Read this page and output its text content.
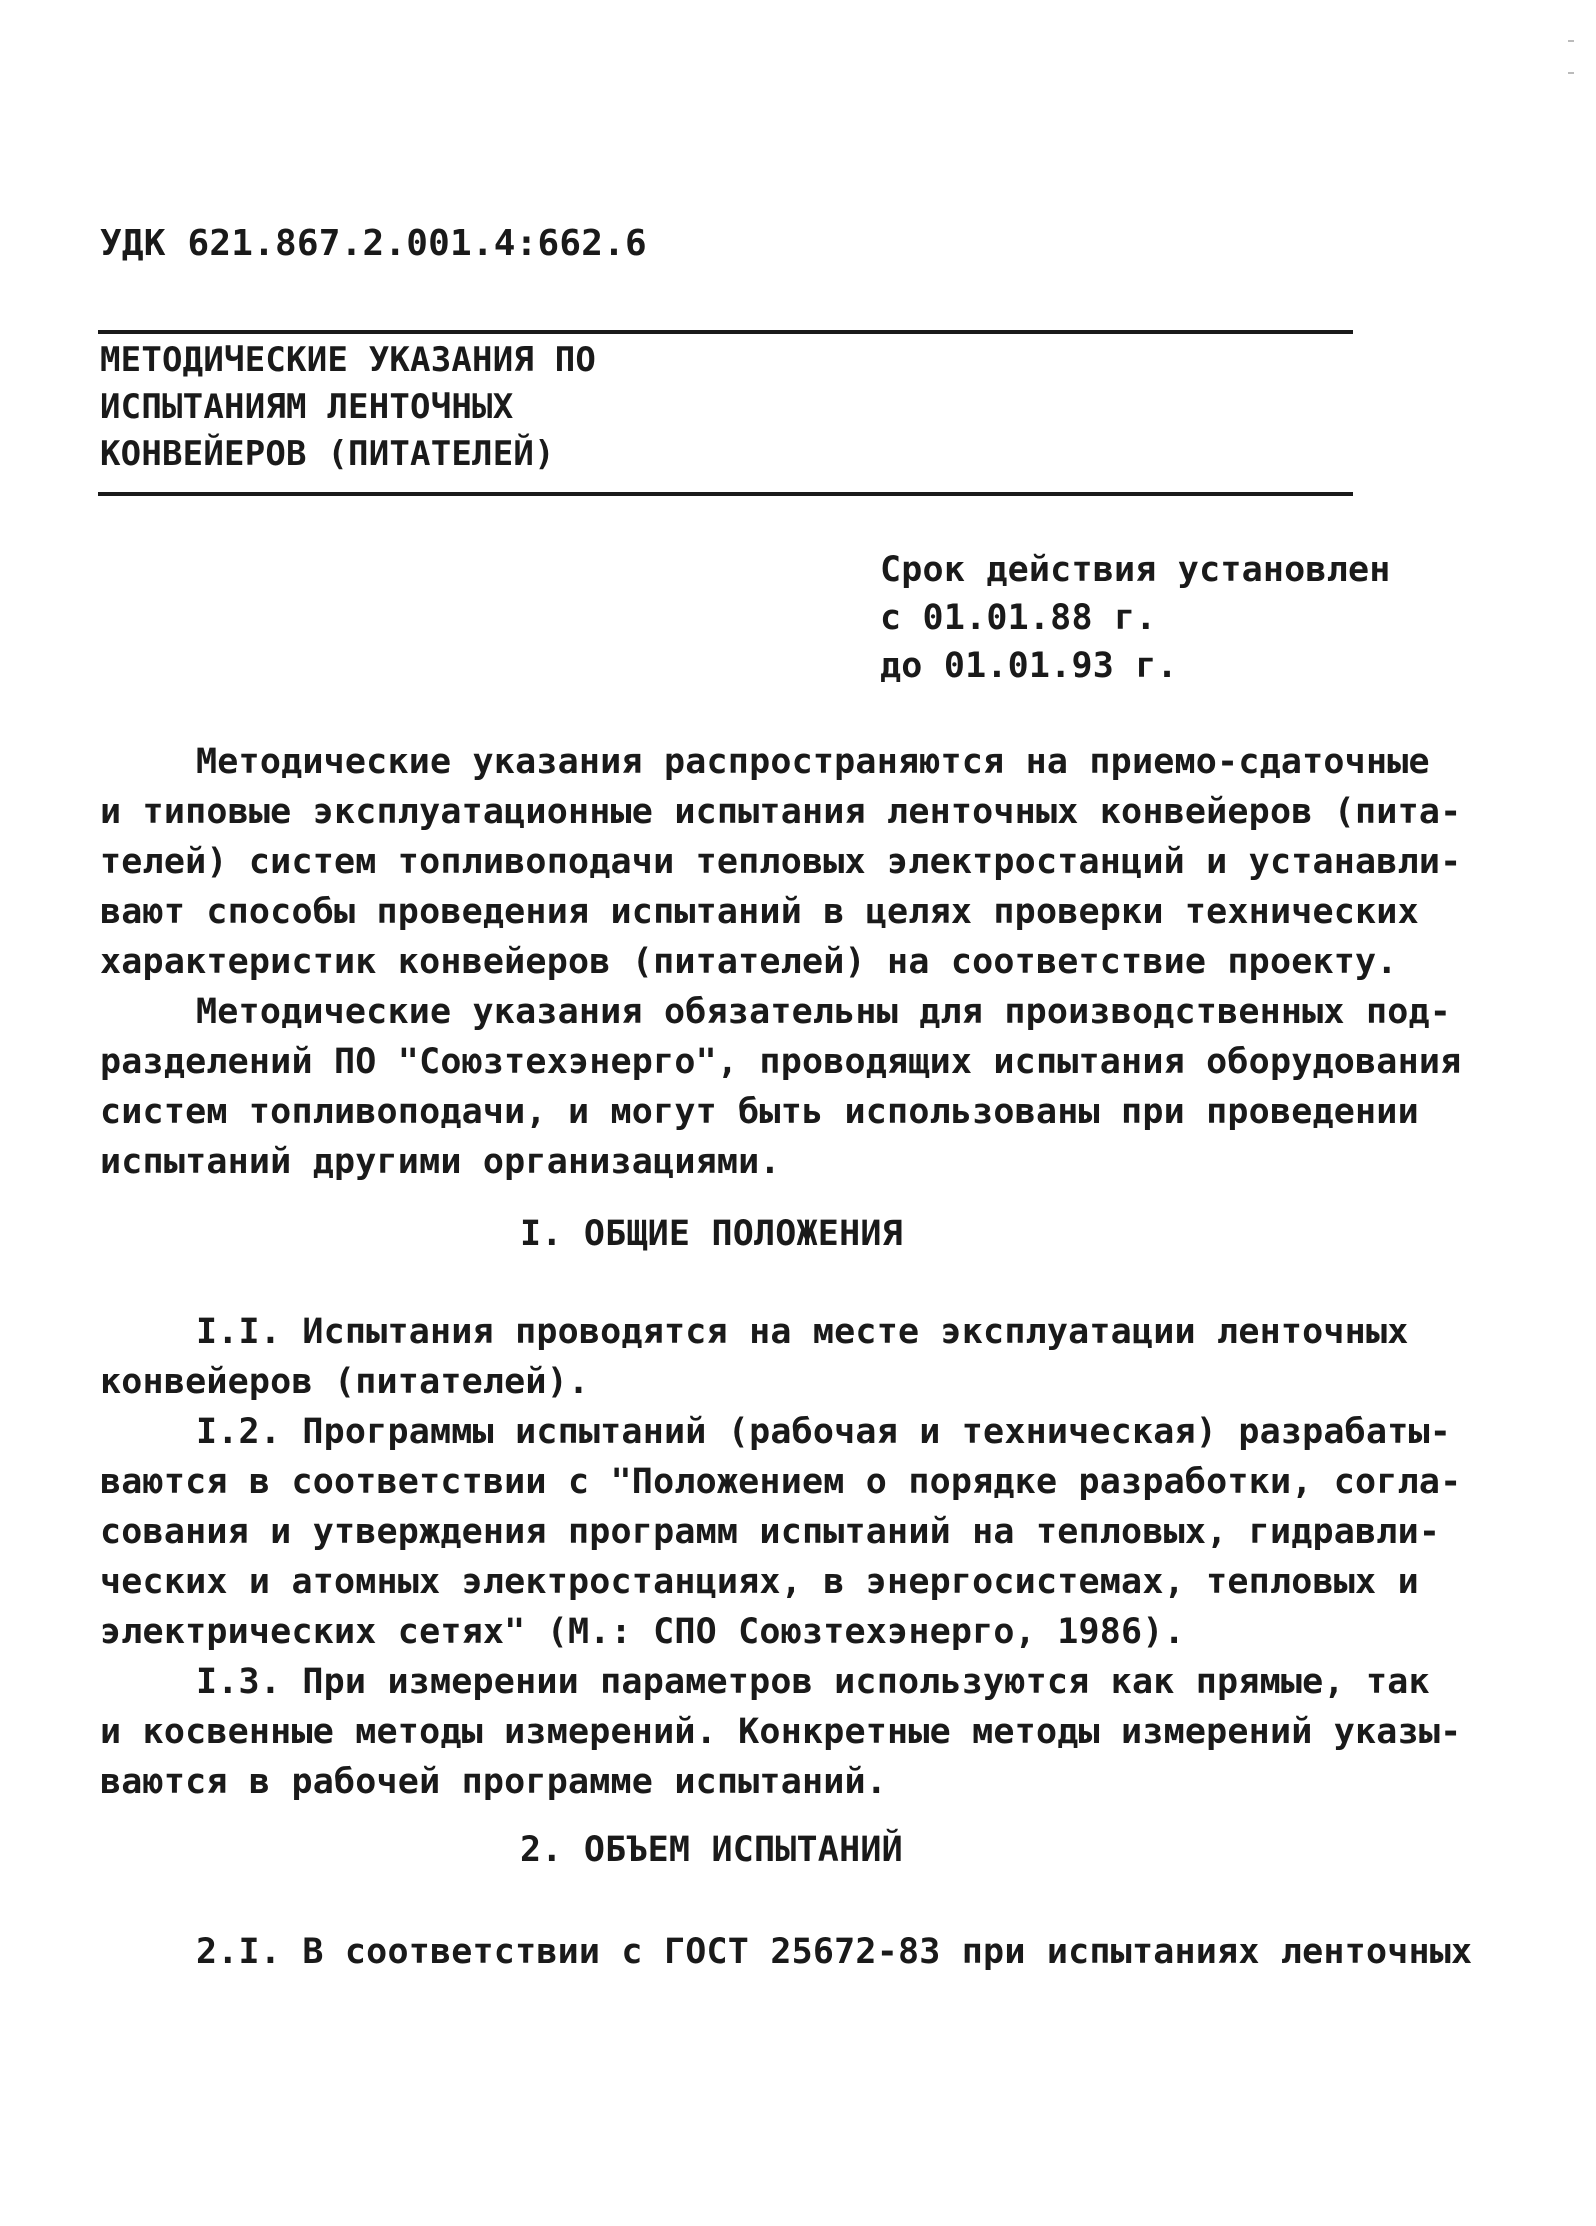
УДК 621.867.2.001.4:662.6
МЕТОДИЧЕСКИЕ УКАЗАНИЯ ПО
ИСПЫТАНИЯМ ЛЕНТОЧНЫХ
КОНВЕЙЕРОВ (ПИТАТЕЛЕЙ)
Срок действия установлен
с 01.01.88 г.
до 01.01.93 г.
Методические указания распространяются на приемо-сдаточные
и типовые эксплуатационные испытания ленточных конвейеров (пита-
телей) систем топливоподачи тепловых электростанций и устанавли-
вают способы проведения испытаний в целях проверки технических
характеристик конвейеров (питателей) на соответствие проекту.
Методические указания обязательны для производственных под-
разделений ПО "Союзтехэнерго", проводящих испытания оборудования
систем топливоподачи, и могут быть использованы при проведении
испытаний другими организациями.
I. ОБЩИЕ ПОЛОЖЕНИЯ
I.I. Испытания проводятся на месте эксплуатации ленточных
конвейеров (питателей).
I.2. Программы испытаний (рабочая и техническая) разрабаты-
ваются в соответствии с "Положением о порядке разработки, согла-
сования и утверждения программ испытаний на тепловых, гидравли-
ческих и атомных электростанциях, в энергосистемах, тепловых и
электрических сетях" (М.: СПО Союзтехэнерго, 1986).
I.3. При измерении параметров используются как прямые, так
и косвенные методы измерений. Конкретные методы измерений указы-
ваются в рабочей программе испытаний.
2. ОБЪЕМ ИСПЫТАНИЙ
2.I. В соответствии с ГОСТ 25672-83 при испытаниях ленточных
